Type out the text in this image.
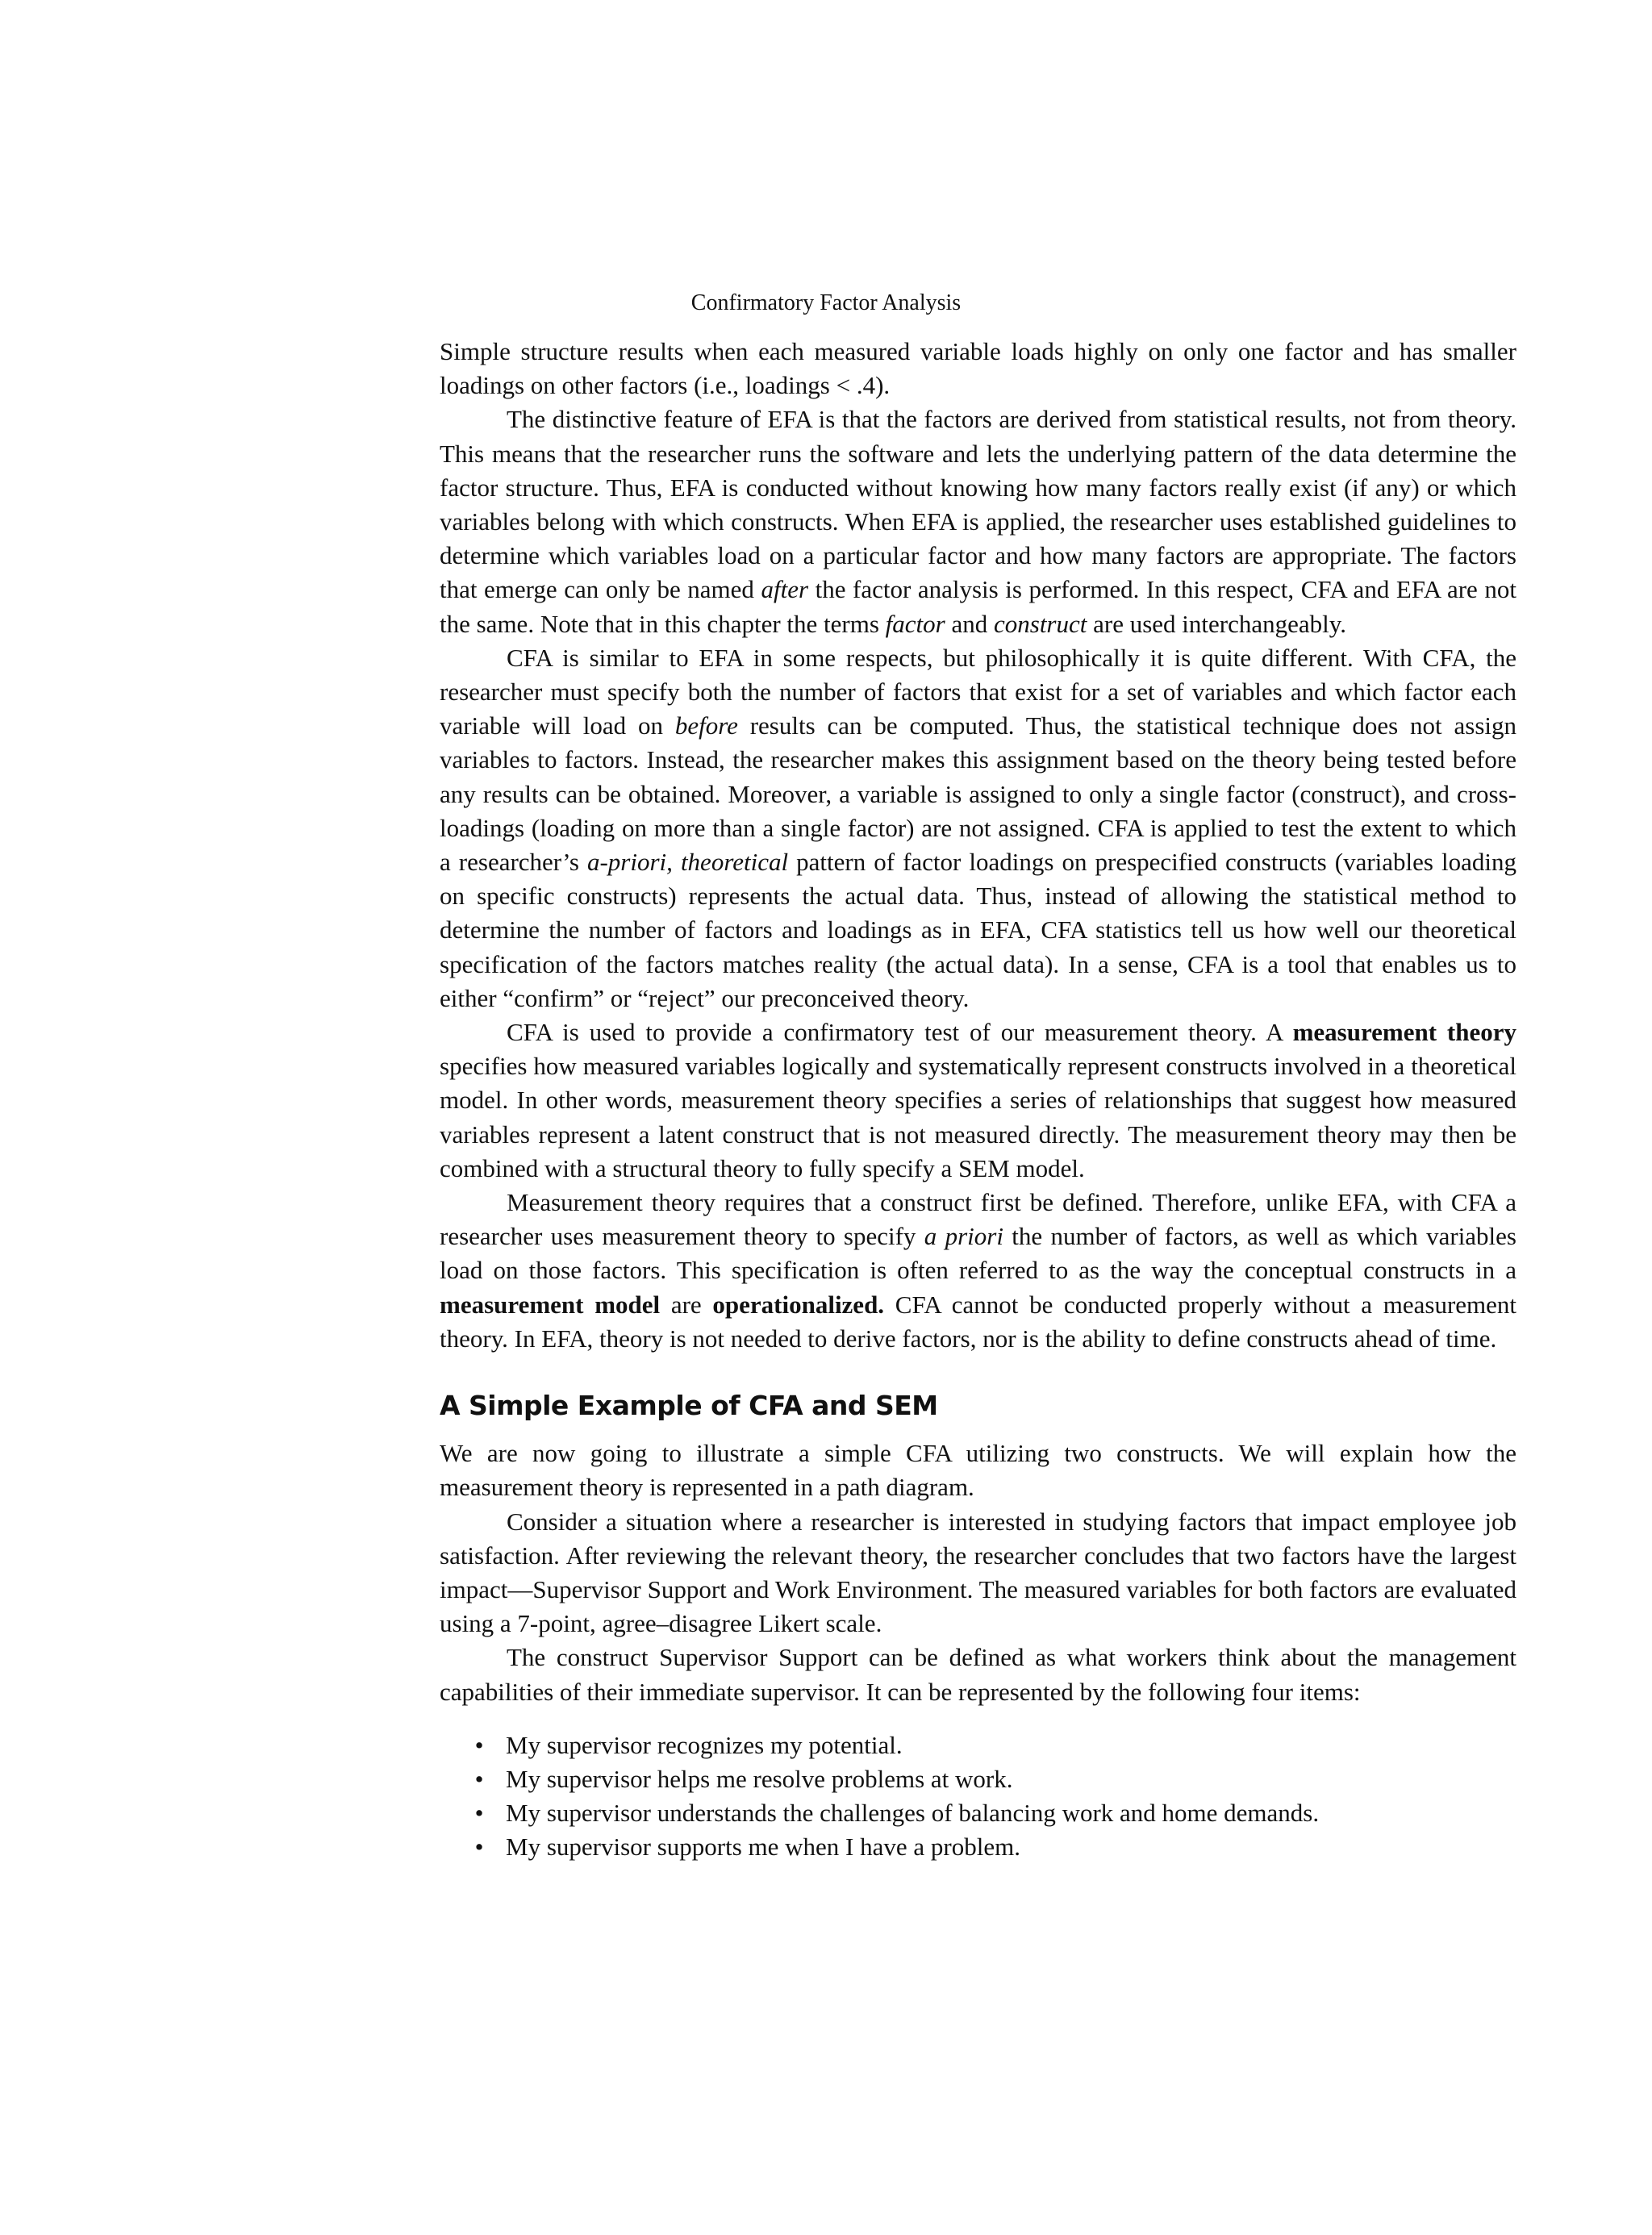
Confirmatory Factor Analysis

Simple structure results when each measured variable loads highly on only one factor and has smaller loadings on other factors (i.e., loadings < .4).

The distinctive feature of EFA is that the factors are derived from statistical results, not from theory. This means that the researcher runs the software and lets the underlying pattern of the data determine the factor structure. Thus, EFA is conducted without knowing how many factors really exist (if any) or which variables belong with which constructs. When EFA is applied, the researcher uses established guidelines to determine which variables load on a particular factor and how many factors are appropriate. The factors that emerge can only be named after the factor analysis is performed. In this respect, CFA and EFA are not the same. Note that in this chapter the terms factor and construct are used interchangeably.

CFA is similar to EFA in some respects, but philosophically it is quite different. With CFA, the researcher must specify both the number of factors that exist for a set of variables and which factor each variable will load on before results can be computed. Thus, the statistical technique does not assign variables to factors. Instead, the researcher makes this assignment based on the theory being tested before any results can be obtained. Moreover, a variable is assigned to only a single factor (construct), and cross-loadings (loading on more than a single factor) are not assigned. CFA is applied to test the extent to which a researcher’s a-priori, theoretical pattern of factor loadings on prespecified constructs (variables loading on specific constructs) represents the actual data. Thus, instead of allowing the statistical method to determine the number of factors and loadings as in EFA, CFA statistics tell us how well our theoretical specification of the factors matches reality (the actual data). In a sense, CFA is a tool that enables us to either “confirm” or “reject” our preconceived theory.

CFA is used to provide a confirmatory test of our measurement theory. A measurement theory specifies how measured variables logically and systematically represent constructs involved in a theoretical model. In other words, measurement theory specifies a series of relationships that suggest how measured variables represent a latent construct that is not measured directly. The measurement theory may then be combined with a structural theory to fully specify a SEM model.

Measurement theory requires that a construct first be defined. Therefore, unlike EFA, with CFA a researcher uses measurement theory to specify a priori the number of factors, as well as which variables load on those factors. This specification is often referred to as the way the conceptual constructs in a measurement model are operationalized. CFA cannot be conducted properly without a measurement theory. In EFA, theory is not needed to derive factors, nor is the ability to define constructs ahead of time.

A Simple Example of CFA and SEM

We are now going to illustrate a simple CFA utilizing two constructs. We will explain how the measurement theory is represented in a path diagram.

Consider a situation where a researcher is interested in studying factors that impact employee job satisfaction. After reviewing the relevant theory, the researcher concludes that two factors have the largest impact—Supervisor Support and Work Environment. The measured variables for both factors are evaluated using a 7-point, agree–disagree Likert scale.

The construct Supervisor Support can be defined as what workers think about the management capabilities of their immediate supervisor. It can be represented by the following four items:

• My supervisor recognizes my potential.
• My supervisor helps me resolve problems at work.
• My supervisor understands the challenges of balancing work and home demands.
• My supervisor supports me when I have a problem.
